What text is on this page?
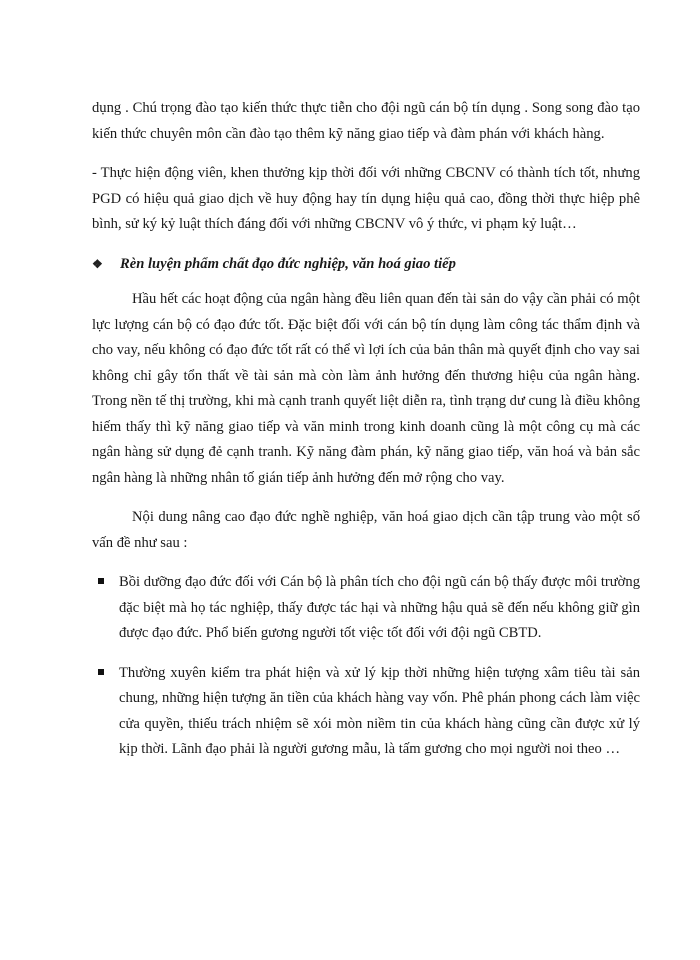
dụng . Chú trọng đào tạo kiến thức thực tiễn cho đội ngũ cán bộ tín dụng . Song song đào tạo kiến thức chuyên môn cần đào tạo thêm kỹ năng giao tiếp và đàm phán với khách hàng.

- Thực hiện động viên, khen thưởng kịp thời đối với những CBCNV có thành tích tốt, nhưng PGD có hiệu quả giao dịch về huy động hay tín dụng hiệu quả cao, đồng thời thực hiệp phê bình, sử ký kỷ luật thích đáng đối với những CBCNV vô ý thức, vi phạm kỷ luật…

❖	Rèn luyện phẩm chất đạo đức nghiệp, văn hoá giao tiếp

Hầu hết các hoạt động của ngân hàng đều liên quan đến tài sản do vậy cần phải có một lực lượng cán bộ có đạo đức tốt. Đặc biệt đối với cán bộ tín dụng làm công tác thẩm định và cho vay, nếu không có đạo đức tốt rất có thể vì lợi ích của bản thân mà quyết định cho vay sai không chỉ gây tổn thất về tài sản mà còn làm ảnh hưởng đến thương hiệu của ngân hàng. Trong nền tế thị trường, khi mà cạnh tranh quyết liệt diễn ra, tình trạng dư cung là điều không hiếm thấy thì kỹ năng giao tiếp và văn minh trong kinh doanh cũng là một công cụ mà các ngân hàng sử dụng đẻ cạnh tranh. Kỹ năng đàm phán, kỹ năng giao tiếp, văn hoá và bản sắc ngân hàng là những nhân tố gián tiếp ảnh hưởng đến mở rộng cho vay.

Nội dung nâng cao đạo đức nghề nghiệp, văn hoá giao dịch cần tập trung vào một số vấn đề như sau :

Bồi dưỡng đạo đức đối với Cán bộ là phân tích cho đội ngũ cán bộ thấy được môi trường đặc biệt mà họ tác nghiệp, thấy được tác hại và những hậu quả sẽ đến nếu không giữ gìn được đạo đức. Phổ biến gương người tốt việc tốt đối với đội ngũ CBTD.
Thường xuyên kiểm tra phát hiện và xử lý kịp thời những hiện tượng xâm tiêu tài sản chung, những hiện tượng ăn tiền của khách hàng vay vốn. Phê phán phong cách làm việc cửa quyền, thiếu trách nhiệm sẽ xói mòn niềm tin của khách hàng cũng cần được xử lý kịp thời. Lãnh đạo phải là người gương mẫu, là tấm gương cho mọi người noi theo …
